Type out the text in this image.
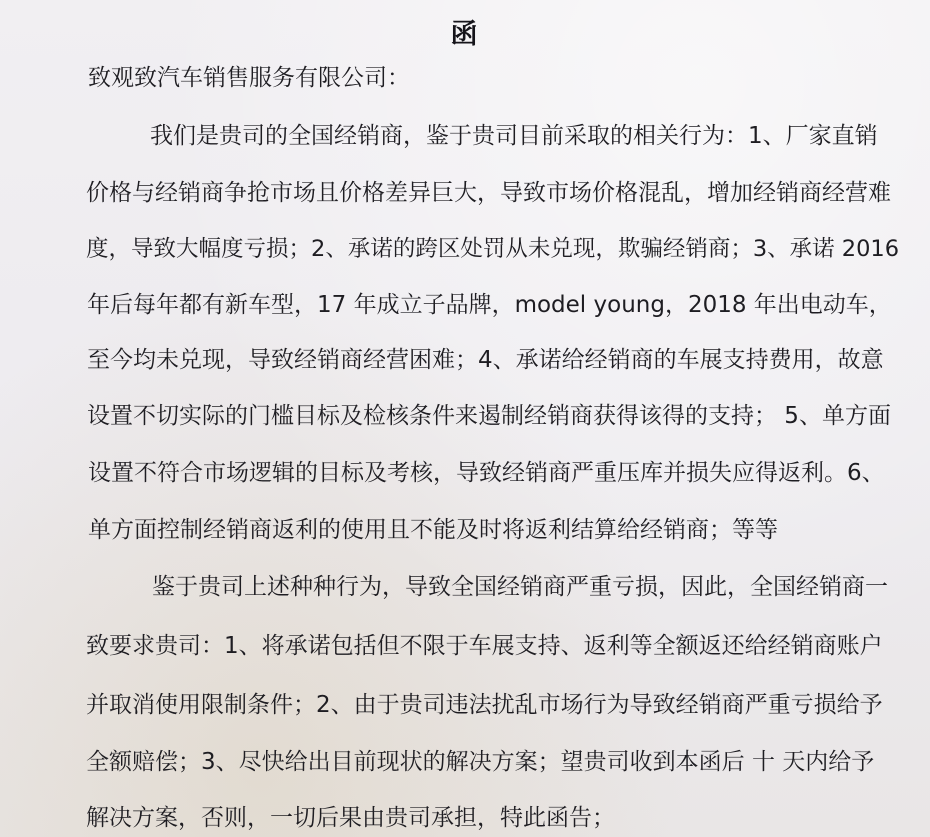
函
致观致汽车销售服务有限公司：
我们是贵司的全国经销商，鉴于贵司目前采取的相关行为：1、厂家直销
价格与经销商争抢市场且价格差异巨大，导致市场价格混乱，增加经销商经营难
度，导致大幅度亏损；2、承诺的跨区处罚从未兑现，欺骗经销商；3、承诺 2016
年后每年都有新车型，17 年成立子品牌，model young，2018 年出电动车，
至今均未兑现，导致经销商经营困难；4、承诺给经销商的车展支持费用，故意
设置不切实际的门槛目标及检核条件来遏制经销商获得该得的支持； 5、单方面
设置不符合市场逻辑的目标及考核，导致经销商严重压库并损失应得返利。6、
单方面控制经销商返利的使用且不能及时将返利结算给经销商；等等
鉴于贵司上述种种行为，导致全国经销商严重亏损，因此，全国经销商一
致要求贵司：1、将承诺包括但不限于车展支持、返利等全额返还给经销商账户
并取消使用限制条件；2、由于贵司违法扰乱市场行为导致经销商严重亏损给予
全额赔偿；3、尽快给出目前现状的解决方案；望贵司收到本函后 十 天内给予
解决方案，否则，一切后果由贵司承担，特此函告；
